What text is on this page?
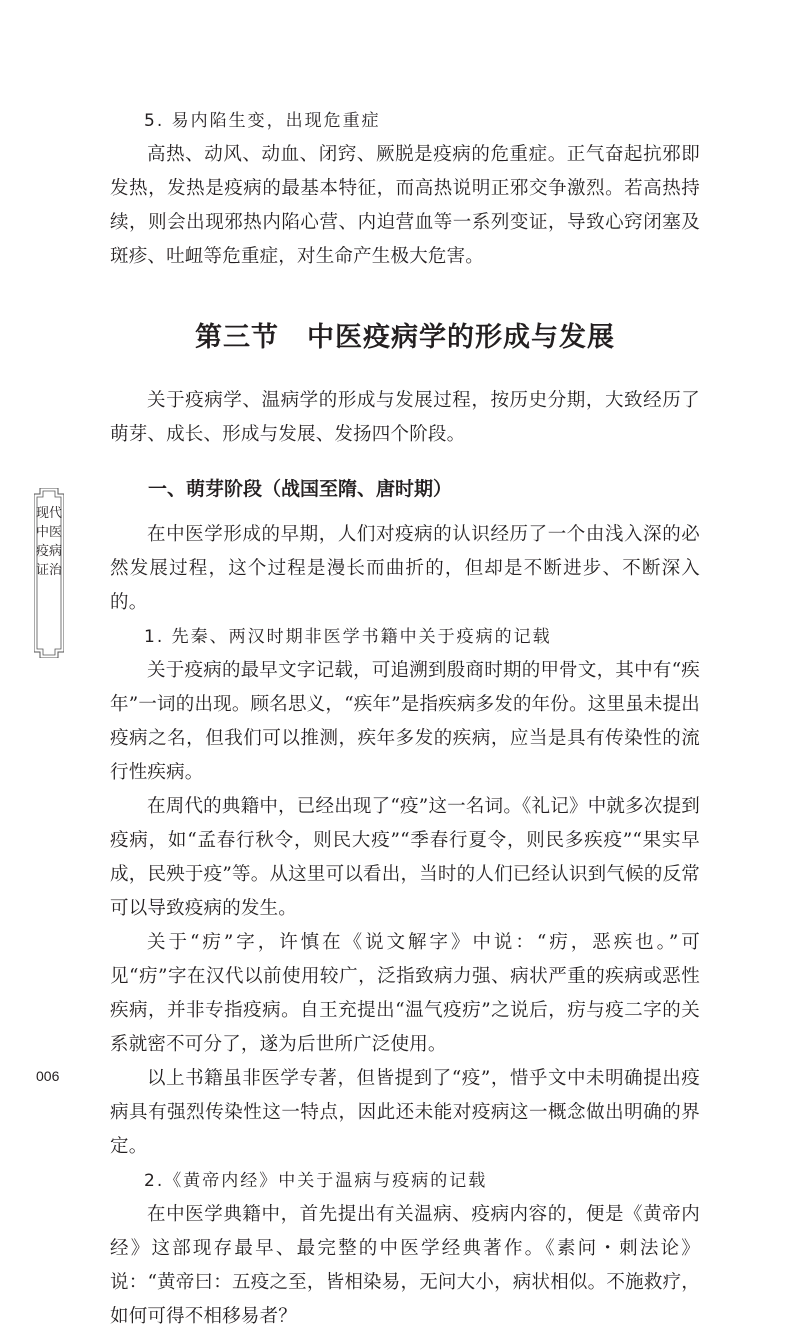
5. 易内陷生变，出现危重症

高热、动风、动血、闭窍、厥脱是疫病的危重症。正气奋起抗邪即发热，发热是疫病的最基本特征，而高热说明正邪交争激烈。若高热持续，则会出现邪热内陷心营、内迫营血等一系列变证，导致心窍闭塞及斑疹、吐衄等危重症，对生命产生极大危害。

第三节　中医疫病学的形成与发展

关于疫病学、温病学的形成与发展过程，按历史分期，大致经历了萌芽、成长、形成与发展、发扬四个阶段。

一、萌芽阶段（战国至隋、唐时期）

在中医学形成的早期，人们对疫病的认识经历了一个由浅入深的必然发展过程，这个过程是漫长而曲折的，但却是不断进步、不断深入的。

1. 先秦、两汉时期非医学书籍中关于疫病的记载

关于疫病的最早文字记载，可追溯到殷商时期的甲骨文，其中有“疾年”一词的出现。顾名思义，“疾年”是指疾病多发的年份。这里虽未提出疫病之名，但我们可以推测，疾年多发的疾病，应当是具有传染性的流行性疾病。

在周代的典籍中，已经出现了“疫”这一名词。《礼记》中就多次提到疫病，如“孟春行秋令，则民大疫”“季春行夏令，则民多疾疫”“果实早成，民殃于疫”等。从这里可以看出，当时的人们已经认识到气候的反常可以导致疫病的发生。

关于“疠”字，许慎在《说文解字》中说：“疠，恶疾也。”可见“疠”字在汉代以前使用较广，泛指致病力强、病状严重的疾病或恶性疾病，并非专指疫病。自王充提出“温气疫疠”之说后，疠与疫二字的关系就密不可分了，遂为后世所广泛使用。

以上书籍虽非医学专著，但皆提到了“疫”，惜乎文中未明确提出疫病具有强烈传染性这一特点，因此还未能对疫病这一概念做出明确的界定。

2.《黄帝内经》中关于温病与疫病的记载

在中医学典籍中，首先提出有关温病、疫病内容的，便是《黄帝内经》这部现存最早、最完整的中医学经典著作。《素问・刺法论》说：“黄帝曰：五疫之至，皆相染易，无问大小，病状相似。不施救疗，如何可得不相移易者？

现代中医疫病证治
006
